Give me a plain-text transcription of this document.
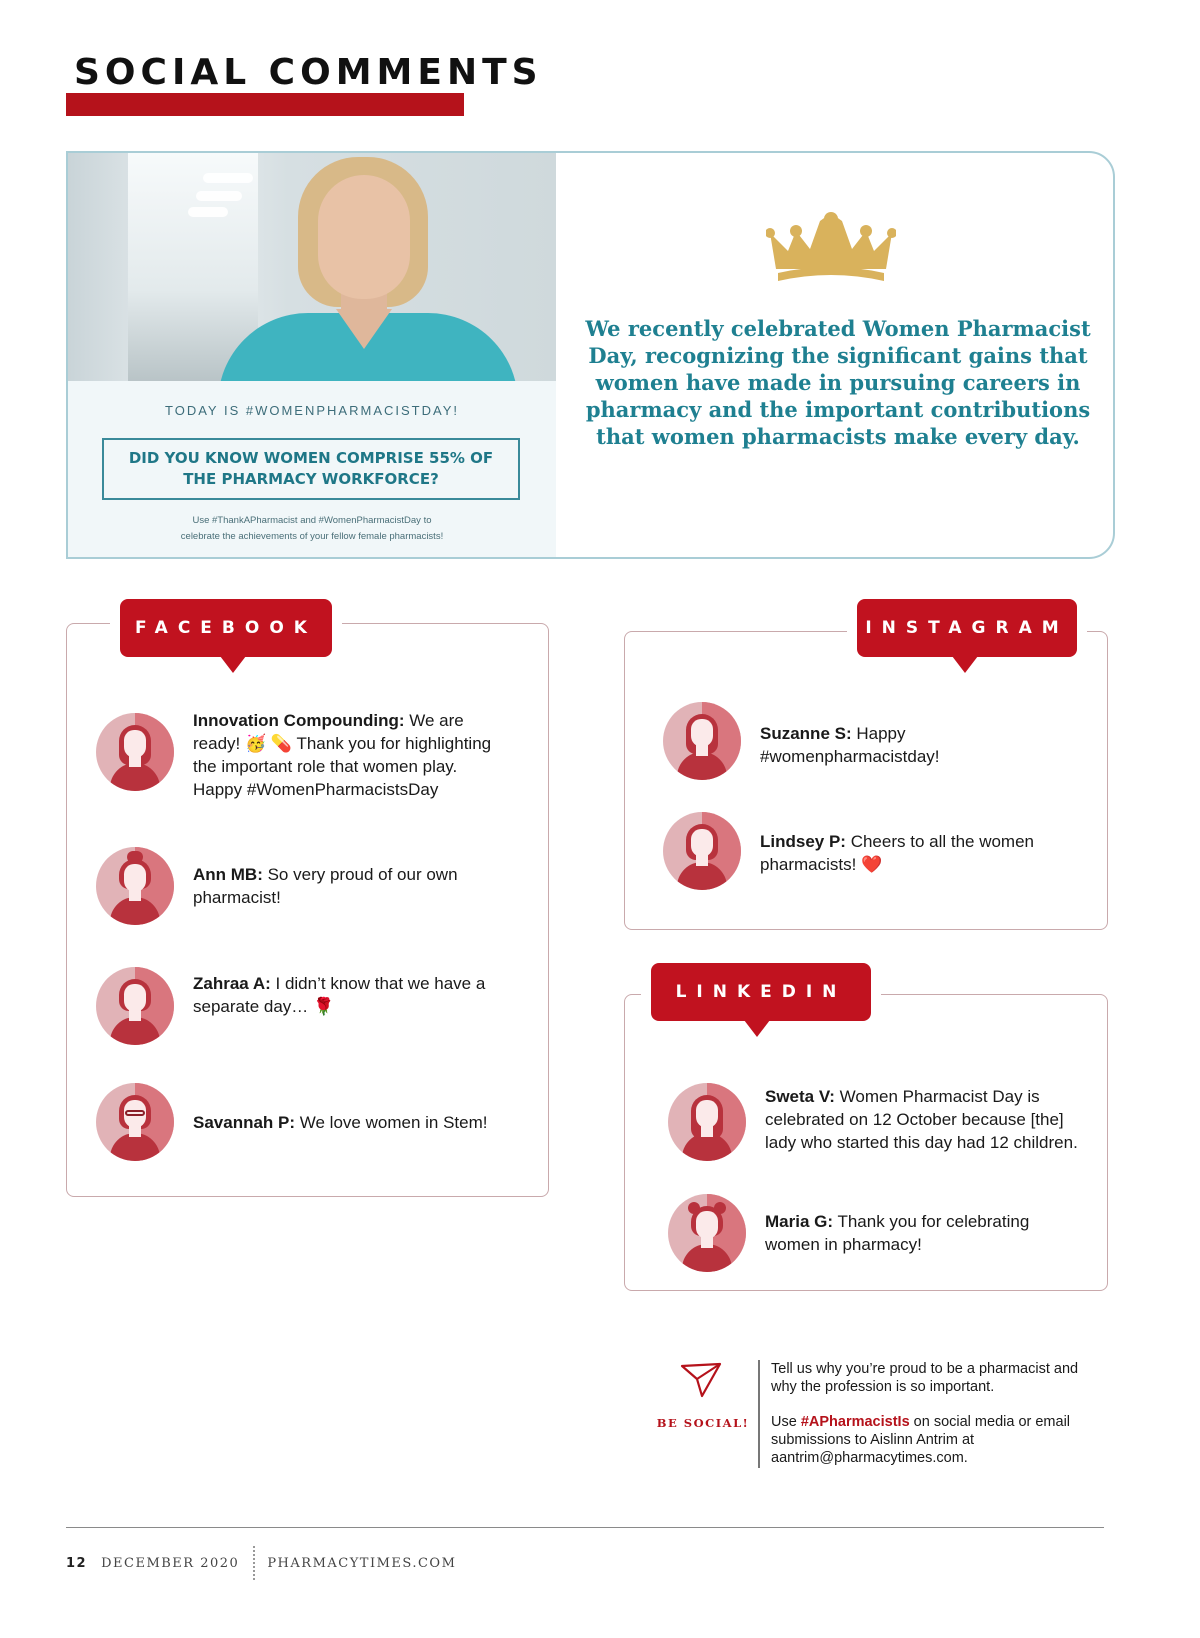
SOCIAL COMMENTS
TODAY IS #WOMENPHARMACISTDAY!
DID YOU KNOW WOMEN COMPRISE 55% OF THE PHARMACY WORKFORCE?
Use #ThankAPharmacist and #WomenPharmacistDay to
celebrate the achievements of your fellow female pharmacists!
We recently celebrated Women Pharmacist Day, recognizing the significant gains that women have made in pursuing careers in pharmacy and the important contributions that women pharmacists make every day.
FACEBOOK
Innovation Compounding: We are ready! 🥳 💊 Thank you for highlighting the important role that women play. Happy #WomenPharmacistsDay
Ann MB: So very proud of our own pharmacist!
Zahraa A: I didn’t know that we have a separate day… 🌹
Savannah P: We love women in Stem!
INSTAGRAM
Suzanne S: Happy #womenpharmacistday!
Lindsey P: Cheers to all the women pharmacists! ❤️
LINKEDIN
Sweta V: Women Pharmacist Day is celebrated on 12 October because [the] lady who started this day had 12 children.
Maria G: Thank you for celebrating women in pharmacy!
BE SOCIAL!

Tell us why you’re proud to be a pharmacist and why the profession is so important.

Use #APharmacistIs on social media or email submissions to Aislinn Antrim at aantrim@pharmacytimes.com.

12 DECEMBER 2020 PHARMACYTIMES.COM
